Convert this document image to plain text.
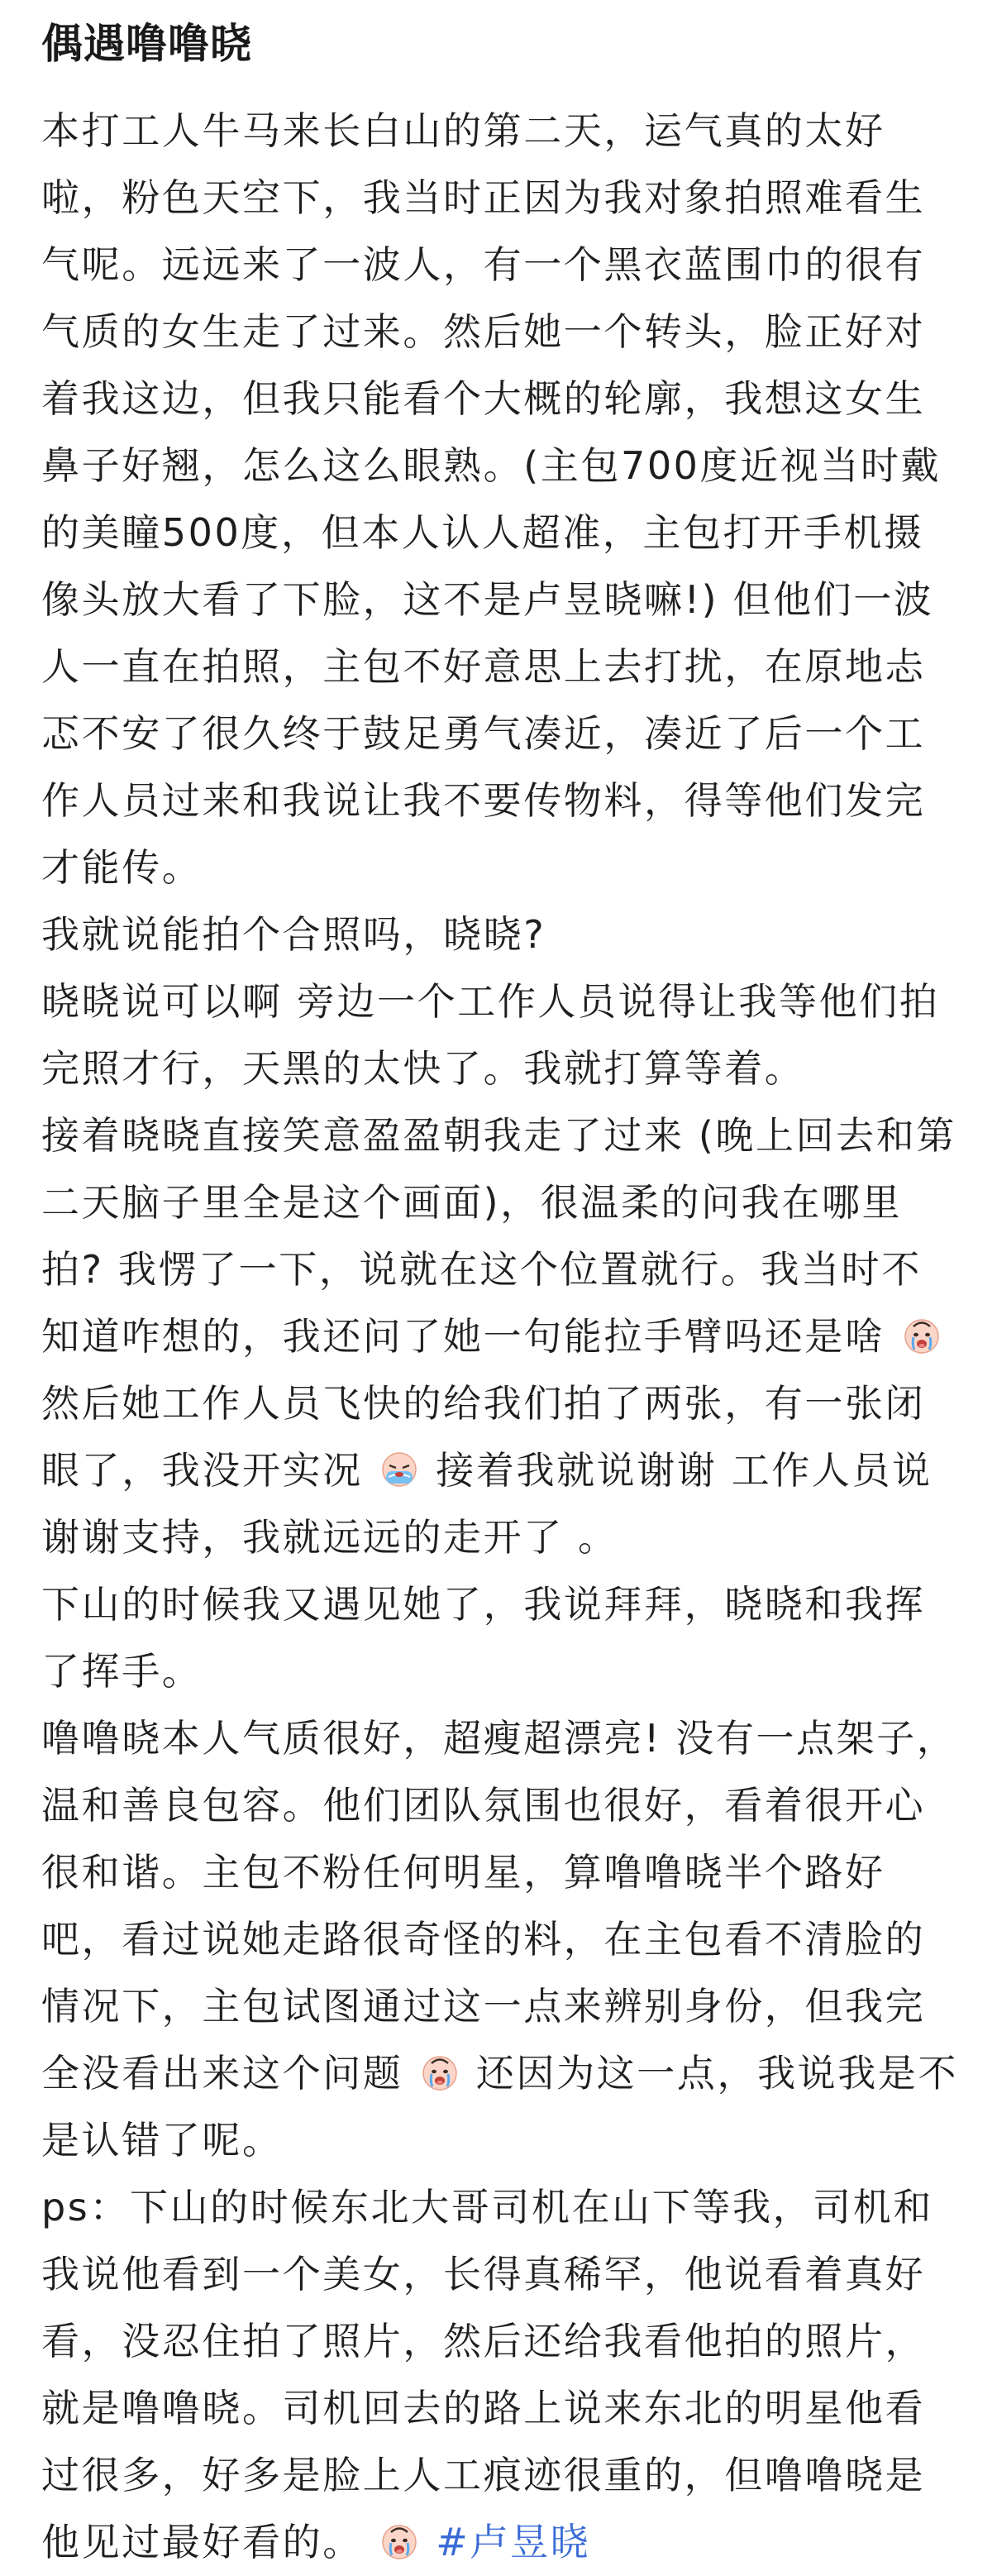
偶遇噜噜晓

本打工人牛马来长白山的第二天，运气真的太好啦，粉色天空下，我当时正因为我对象拍照难看生气呢。远远来了一波人，有一个黑衣蓝围巾的很有气质的女生走了过来。然后她一个转头，脸正好对着我这边，但我只能看个大概的轮廓，我想这女生鼻子好翘，怎么这么眼熟。(主包700度近视当时戴的美瞳500度，但本人认人超准，主包打开手机摄像头放大看了下脸，这不是卢昱晓嘛!) 但他们一波人一直在拍照，主包不好意思上去打扰，在原地忐忑不安了很久终于鼓足勇气凑近，凑近了后一个工作人员过来和我说让我不要传物料，得等他们发完才能传。

我就说能拍个合照吗，晓晓?

晓晓说可以啊 旁边一个工作人员说得让我等他们拍完照才行，天黑的太快了。我就打算等着。

接着晓晓直接笑意盈盈朝我走了过来 (晚上回去和第二天脑子里全是这个画面)，很温柔的问我在哪里拍? 我愣了一下，说就在这个位置就行。我当时不知道咋想的，我还问了她一句能拉手臂吗还是啥
然后她工作人员飞快的给我们拍了两张，有一张闭眼了，我没开实况
接着我就说谢谢 工作人员说谢谢支持，我就远远的走开了 。

下山的时候我又遇见她了，我说拜拜，晓晓和我挥了挥手。

噜噜晓本人气质很好，超瘦超漂亮! 没有一点架子，温和善良包容。他们团队氛围也很好，看着很开心很和谐。主包不粉任何明星，算噜噜晓半个路好吧，看过说她走路很奇怪的料，在主包看不清脸的情况下，主包试图通过这一点来辨别身份，但我完全没看出来这个问题 还因为这一点，我说我是不是认错了呢。

ps：下山的时候东北大哥司机在山下等我，司机和我说他看到一个美女，长得真稀罕，他说看着真好看，没忍住拍了照片，然后还给我看他拍的照片，就是噜噜晓。司机回去的路上说来东北的明星他看过很多，好多是脸上人工痕迹很重的，但噜噜晓是他见过最好看的。 #卢昱晓
